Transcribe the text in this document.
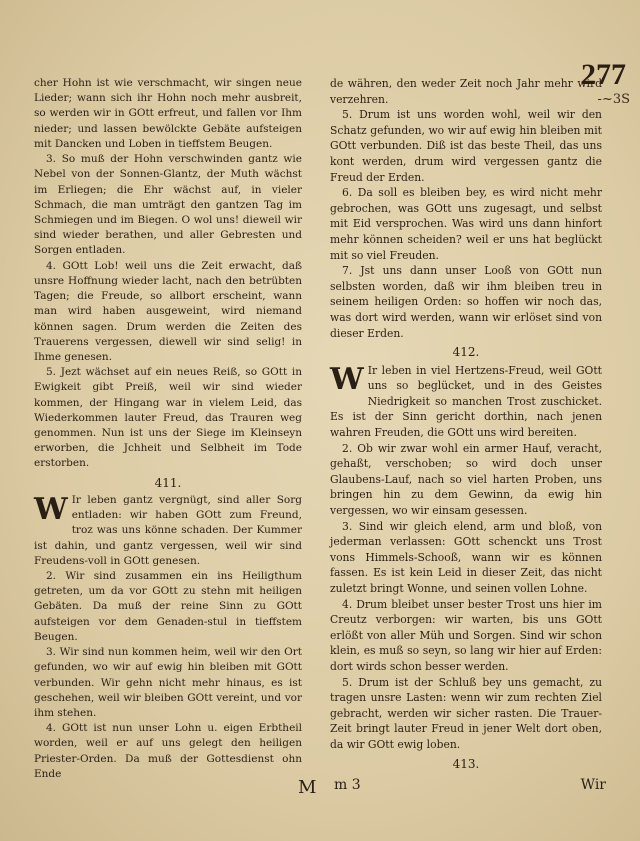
277
-~3S

cher Hohn ist wie verschmacht, wir singen neue Lieder; wann sich ihr Hohn noch mehr ausbreit, so werden wir in GOtt erfreut, und fallen vor Ihm nieder; und lassen bewölckte Gebäte aufsteigen mit Dancken und Loben in tieffstem Beugen.

3. So muß der Hohn verschwinden gantz wie Nebel von der Sonnen-Glantz, der Muth wächst im Erliegen; die Ehr wächst auf, in vieler Schmach, die man umträgt den gantzen Tag im Schmiegen und im Biegen. O wol uns! dieweil wir sind wieder berathen, und aller Gebresten und Sorgen entladen.

4. GOtt Lob! weil uns die Zeit erwacht, daß unsre Hoffnung wieder lacht, nach den betrübten Tagen; die Freude, so allbort erscheint, wann man wird haben ausgeweint, wird niemand können sagen. Drum werden die Zeiten des Trauerens vergessen, diewell wir sind selig! in Ihme genesen.

5. Jezt wächset auf ein neues Reiß, so GOtt in Ewigkeit gibt Preiß, weil wir sind wieder kommen, der Hingang war in vielem Leid, das Wiederkommen lauter Freud, das Trauren weg genommen. Nun ist uns der Siege im Kleinseyn erworben, die Jchheit und Selbheit im Tode erstorben.

411.

W Ir leben gantz vergnügt, sind aller Sorg entladen: wir haben GOtt zum Freund, troz was uns könne schaden. Der Kummer ist dahin, und gantz vergessen, weil wir sind Freudens-voll in GOtt genesen.

2. Wir sind zusammen ein ins Heiligthum getreten, um da vor GOtt zu stehn mit heiligen Gebäten. Da muß der reine Sinn zu GOtt aufsteigen vor dem Genaden-stul in tieffstem Beugen.

3. Wir sind nun kommen heim, weil wir den Ort gefunden, wo wir auf ewig hin bleiben mit GOtt verbunden. Wir gehn nicht mehr hinaus, es ist geschehen, weil wir bleiben GOtt vereint, und vor ihm stehen.

4. GOtt ist nun unser Lohn u. eigen Erbtheil worden, weil er auf uns gelegt den heiligen Priester-Orden. Da muß der Gottesdienst ohn Ende

de währen, den weder Zeit noch Jahr mehr wird verzehren.

5. Drum ist uns worden wohl, weil wir den Schatz gefunden, wo wir auf ewig hin bleiben mit GOtt verbunden. Diß ist das beste Theil, das uns kont werden, drum wird vergessen gantz die Freud der Erden.

6. Da soll es bleiben bey, es wird nicht mehr gebrochen, was GOtt uns zugesagt, und selbst mit Eid versprochen. Was wird uns dann hinfort mehr können scheiden? weil er uns hat beglückt mit so viel Freuden.

7. Jst uns dann unser Looß von GOtt nun selbsten worden, daß wir ihm bleiben treu in seinem heiligen Orden: so hoffen wir noch das, was dort wird werden, wann wir erlöset sind von dieser Erden.

412.

W Ir leben in viel Hertzens-Freud, weil GOtt uns so beglücket, und in des Geistes Niedrigkeit so manchen Trost zuschicket. Es ist der Sinn gericht dorthin, nach jenen wahren Freuden, die GOtt uns wird bereiten.

2. Ob wir zwar wohl ein armer Hauf, veracht, gehaßt, verschoben; so wird doch unser Glaubens-Lauf, nach so viel harten Proben, uns bringen hin zu dem Gewinn, da ewig hin vergessen, wo wir einsam gesessen.

3. Sind wir gleich elend, arm und bloß, von jederman verlassen: GOtt schenckt uns Trost vons Himmels-Schooß, wann wir es können fassen. Es ist kein Leid in dieser Zeit, das nicht zuletzt bringt Wonne, und seinen vollen Lohne.

4. Drum bleibet unser bester Trost uns hier im Creutz verborgen: wir warten, bis uns GOtt erlößt von aller Müh und Sorgen. Sind wir schon klein, es muß so seyn, so lang wir hier auf Erden: dort wirds schon besser werden.

5. Drum ist der Schluß bey uns gemacht, zu tragen unsre Lasten: wenn wir zum rechten Ziel gebracht, werden wir sicher rasten. Die Trauer-Zeit bringt lauter Freud in jener Welt dort oben, da wir GOtt ewig loben.

413.
M m 3	Wir
